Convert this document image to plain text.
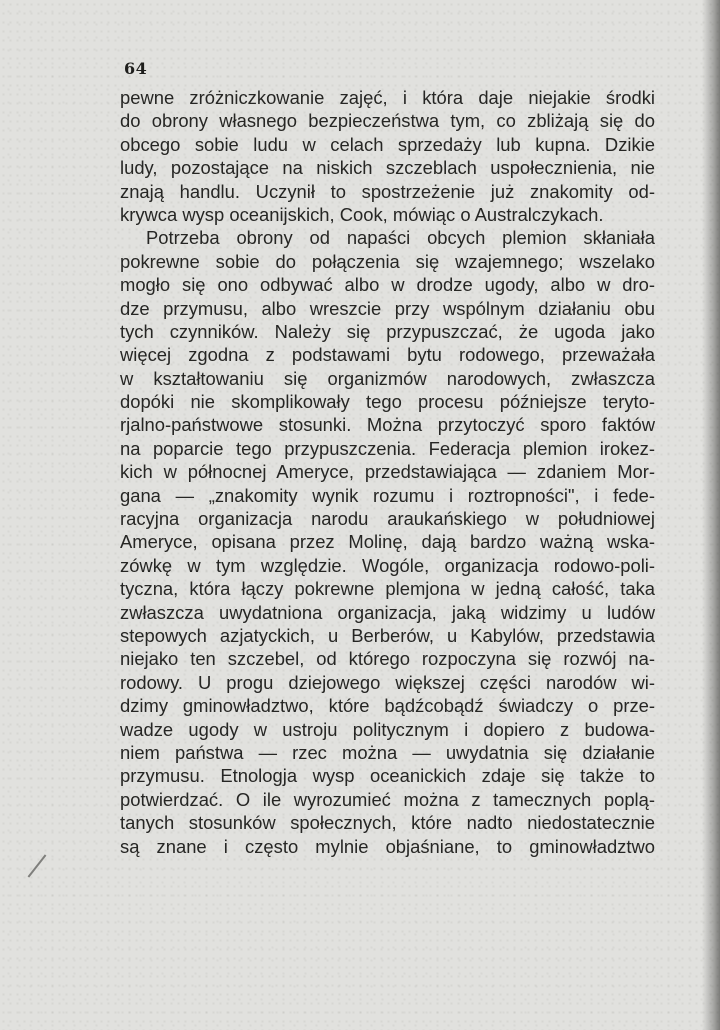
64

pewne zróżniczkowanie zajęć, i która daje niejakie środki
do obrony własnego bezpieczeństwa tym, co zbliżają się do
obcego sobie ludu w celach sprzedaży lub kupna. Dzikie
ludy, pozostające na niskich szczeblach uspołecznienia, nie
znają handlu. Uczynił to spostrzeżenie już znakomity od-
krywca wysp oceanijskich, Cook, mówiąc o Australczykach.

Potrzeba obrony od napaści obcych plemion skłaniała
pokrewne sobie do połączenia się wzajemnego; wszelako
mogło się ono odbywać albo w drodze ugody, albo w dro-
dze przymusu, albo wreszcie przy wspólnym działaniu obu
tych czynników. Należy się przypuszczać, że ugoda jako
więcej zgodna z podstawami bytu rodowego, przeważała
w kształtowaniu się organizmów narodowych, zwłaszcza
dopóki nie skomplikowały tego procesu późniejsze teryto-
rjalno-państwowe stosunki. Można przytoczyć sporo faktów
na poparcie tego przypuszczenia. Federacja plemion irokez-
kich w północnej Ameryce, przedstawiająca — zdaniem Mor-
gana — „znakomity wynik rozumu i roztropności", i fede-
racyjna organizacja narodu araukańskiego w południowej
Ameryce, opisana przez Molinę, dają bardzo ważną wska-
zówkę w tym względzie. Wogóle, organizacja rodowo-poli-
tyczna, która łączy pokrewne plemjona w jedną całość, taka
zwłaszcza uwydatniona organizacja, jaką widzimy u ludów
stepowych azjatyckich, u Berberów, u Kabylów, przedstawia
niejako ten szczebel, od którego rozpoczyna się rozwój na-
rodowy. U progu dziejowego większej części narodów wi-
dzimy gminowładztwo, które bądźcobądź świadczy o prze-
wadze ugody w ustroju politycznym i dopiero z budowa-
niem państwa — rzec można — uwydatnia się działanie
przymusu. Etnologja wysp oceanickich zdaje się także to
potwierdzać. O ile wyrozumieć można z tamecznych poplą-
tanych stosunków społecznych, które nadto niedostatecznie
są znane i często mylnie objaśniane, to gminowładztwo
